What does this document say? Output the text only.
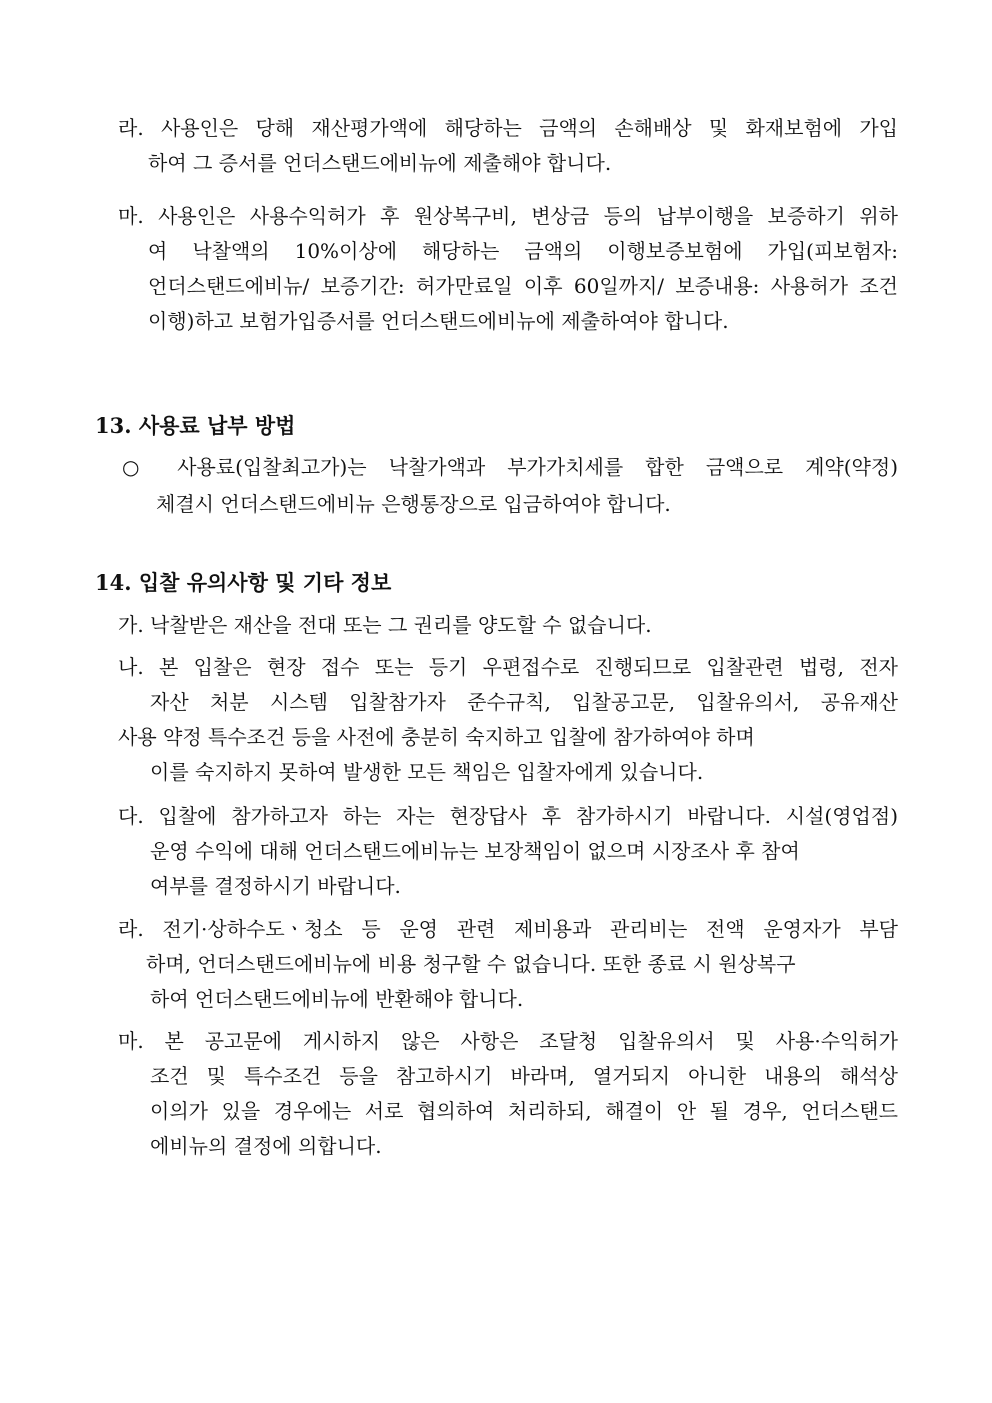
라. 사용인은 당해 재산평가액에 해당하는 금액의 손해배상 및 화재보험에 가입
하여 그 증서를 언더스탠드에비뉴에 제출해야 합니다.
마. 사용인은 사용수익허가 후 원상복구비, 변상금 등의 납부이행을 보증하기 위하
여 낙찰액의 10%이상에 해당하는 금액의 이행보증보험에 가입(피보험자:
언더스탠드에비뉴/ 보증기간: 허가만료일 이후 60일까지/ 보증내용: 사용허가 조건
이행)하고 보험가입증서를 언더스탠드에비뉴에 제출하여야 합니다.
13. 사용료 납부 방법
○ 사용료(입찰최고가)는 낙찰가액과 부가가치세를 합한 금액으로 계약(약정)
체결시 언더스탠드에비뉴 은행통장으로 입금하여야 합니다.
14. 입찰 유의사항 및 기타 정보
가. 낙찰받은 재산을 전대 또는 그 권리를 양도할 수 없습니다.
나. 본 입찰은 현장 접수 또는 등기 우편접수로 진행되므로 입찰관련 법령, 전자
자산 처분 시스템 입찰참가자 준수규칙, 입찰공고문, 입찰유의서, 공유재산
사용 약정 특수조건 등을 사전에 충분히 숙지하고 입찰에 참가하여야 하며
이를 숙지하지 못하여 발생한 모든 책임은 입찰자에게 있습니다.
다. 입찰에 참가하고자 하는 자는 현장답사 후 참가하시기 바랍니다. 시설(영업점)
운영 수익에 대해 언더스탠드에비뉴는 보장책임이 없으며 시장조사 후 참여
여부를 결정하시기 바랍니다.
라. 전기·상하수도ㆍ청소 등 운영 관련 제비용과 관리비는 전액 운영자가 부담
하며, 언더스탠드에비뉴에 비용 청구할 수 없습니다. 또한 종료 시 원상복구
하여 언더스탠드에비뉴에 반환해야 합니다.
마. 본 공고문에 게시하지 않은 사항은 조달청 입찰유의서 및 사용·수익허가
조건 및 특수조건 등을 참고하시기 바라며, 열거되지 아니한 내용의 해석상
이의가 있을 경우에는 서로 협의하여 처리하되, 해결이 안 될 경우, 언더스탠드
에비뉴의 결정에 의합니다.
